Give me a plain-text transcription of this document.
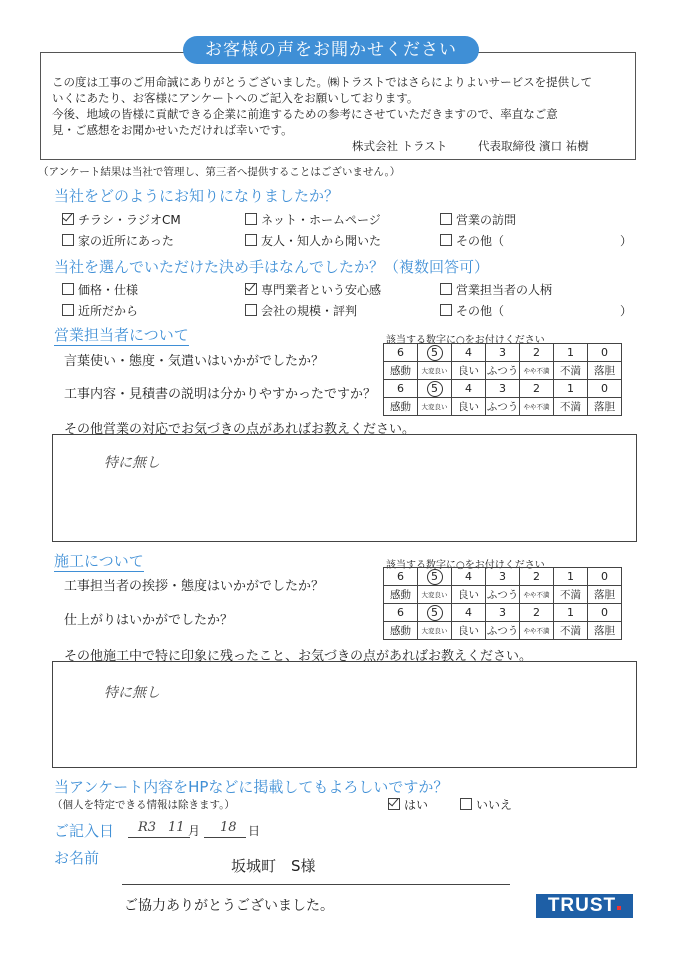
お客様の声をお聞かせください
この度は工事のご用命誠にありがとうございました。㈱トラストではさらによりよいサービスを提供して
いくにあたり、お客様にアンケートへのご記入をお願いしております。
今後、地域の皆様に貢献できる企業に前進するための参考にさせていただきますので、率直なご意
見・ご感想をお聞かせいただければ幸いです。
株式会社 トラスト	代表取締役 濱口 祐樹
（アンケート結果は当社で管理し、第三者へ提供することはございません。）
当社をどのようにお知りになりましたか？
チラシ・ラジオCM	ネット・ホームページ	営業の訪問
家の近所にあった	友人・知人から聞いた	その他（	）
当社を選んでいただけた決め手はなんでしたか？（複数回答可）
価格・仕様	専門業者という安心感	営業担当者の人柄
近所だから	会社の規模・評判	その他（	）
営業担当者について	該当する数字に○をお付けください
言葉使い・態度・気遣いはいかがでしたか？
工事内容・見積書の説明は分かりやすかったですか？
6	5	4	3	2	1	0
感動	大変良い	良い	ふつう	やや不満	不満	落胆
6	5	4	3	2	1	0
感動	大変良い	良い	ふつう	やや不満	不満	落胆
その他営業の対応でお気づきの点があればお教えください。
特に無し
施工について	該当する数字に○をお付けください
工事担当者の挨拶・態度はいかがでしたか？
仕上がりはいかがでしたか？
6	5	4	3	2	1	0
感動	大変良い	良い	ふつう	やや不満	不満	落胆
6	5	4	3	2	1	0
感動	大変良い	良い	ふつう	やや不満	不満	落胆
その他施工中で特に印象に残ったこと、お気づきの点があればお教えください。
特に無し
当アンケート内容をHPなどに掲載してもよろしいですか？
（個人を特定できる情報は除きます。）	はい	いいえ
ご記入日 R3 11 月 18 日
お名前	坂城町　S様
ご協力ありがとうございました。	TRUST
